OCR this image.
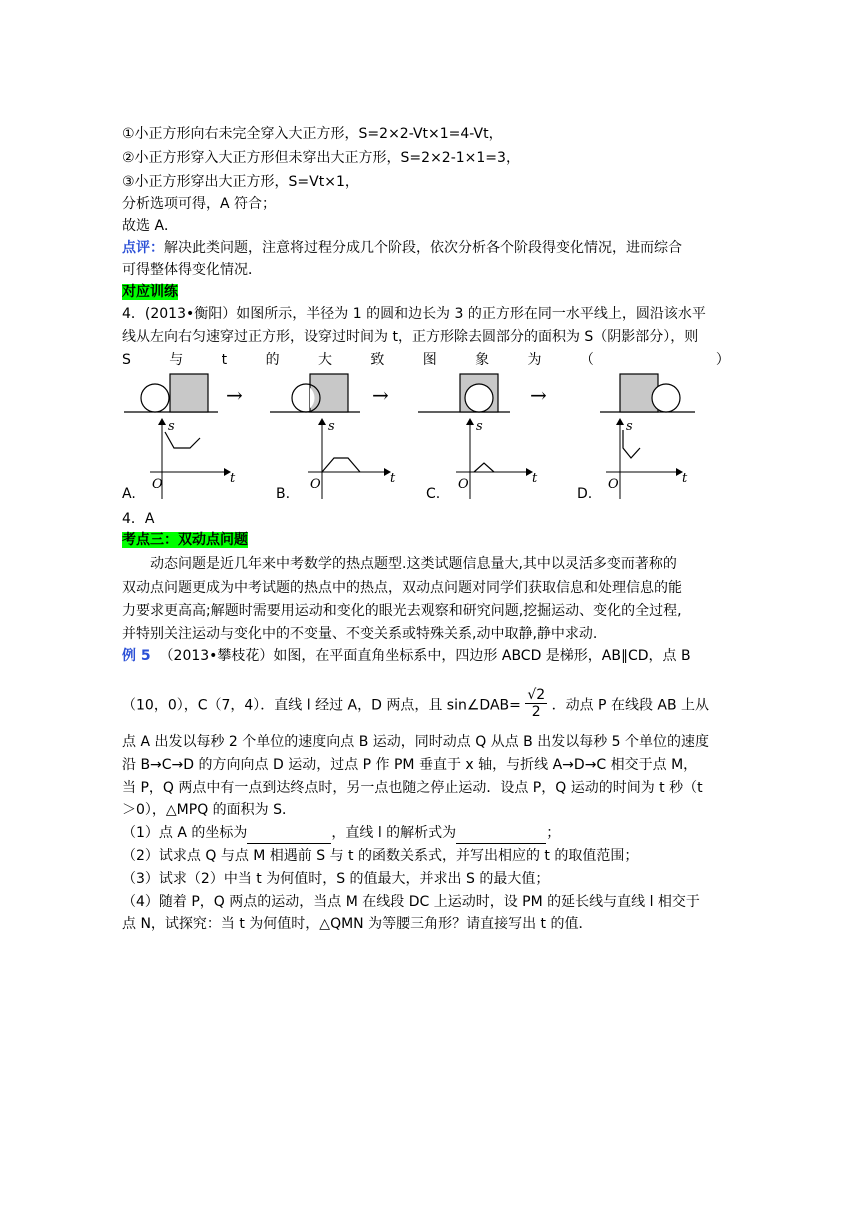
①小正方形向右未完全穿入大正方形，S=2×2-Vt×1=4-Vt，
②小正方形穿入大正方形但未穿出大正方形，S=2×2-1×1=3，
③小正方形穿出大正方形，S=Vt×1，
分析选项可得，A 符合；
故选 A．
点评：解决此类问题，注意将过程分成几个阶段，依次分析各个阶段得变化情况，进而综合
可得整体得变化情况．
对应训练
4．(2013•衡阳）如图所示，半径为 1 的圆和边长为 3 的正方形在同一水平线上，圆沿该水平
线从左向右匀速穿过正方形，设穿过时间为 t，正方形除去圆部分的面积为 S（阴影部分），则
S	与	t	的	大	致	图	象	为	（	）
→	→	→
s
t
O
s
t
O
s
t
O
s
t
O
A.	B.	C.	D.
4．A
考点三：双动点问题
动态问题是近几年来中考数学的热点题型.这类试题信息量大,其中以灵活多变而著称的
双动点问题更成为中考试题的热点中的热点，双动点问题对同学们获取信息和处理信息的能
力要求更高高;解题时需要用运动和变化的眼光去观察和研究问题,挖掘运动、变化的全过程,
并特别关注运动与变化中的不变量、不变关系或特殊关系,动中取静,静中求动.
例 5 （2013•攀枝花）如图，在平面直角坐标系中，四边形 ABCD 是梯形，AB∥CD，点 B
（10，0），C（7，4）．直线 l 经过 A，D 两点，且 sin∠DAB= $\frac{√2}{2}$ ．动点 P 在线段 AB 上从
点 A 出发以每秒 2 个单位的速度向点 B 运动，同时动点 Q 从点 B 出发以每秒 5 个单位的速度
沿 B→C→D 的方向向点 D 运动，过点 P 作 PM 垂直于 x 轴，与折线 A→D→C 相交于点 M，
当 P，Q 两点中有一点到达终点时，另一点也随之停止运动．设点 P，Q 运动的时间为 t 秒（t
＞0），△MPQ 的面积为 S．
（1）点 A 的坐标为	，直线 l 的解析式为	；
（2）试求点 Q 与点 M 相遇前 S 与 t 的函数关系式，并写出相应的 t 的取值范围；
（3）试求（2）中当 t 为何值时，S 的值最大，并求出 S 的最大值；
（4）随着 P，Q 两点的运动，当点 M 在线段 DC 上运动时，设 PM 的延长线与直线 l 相交于
点 N，试探究：当 t 为何值时，△QMN 为等腰三角形？请直接写出 t 的值．
